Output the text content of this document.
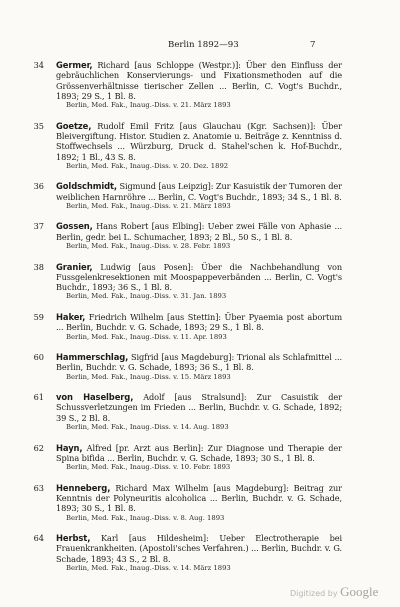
Berlin 1892—93	7
34 Germer, Richard [aus Schloppe (Westpr.)]: Über den Einfluss der gebräuchlichen Konservierungs- und Fixationsmethoden auf die Grössenverhältnisse tierischer Zellen ... Berlin, C. Vogt's Buchdr., 1893; 29 S., 1 Bl. 8.
Berlin, Med. Fak., Inaug.-Diss. v. 21. März 1893
35 Goetze, Rudolf Emil Fritz [aus Glauchau (Kgr. Sachsen)]: Über Bleivergiftung. Histor. Studien z. Anatomie u. Beiträge z. Kenntniss d. Stoffwechsels ... Würzburg, Druck d. Stahel'schen k. Hof-Buchdr., 1892; 1 Bl., 43 S. 8.
Berlin, Med. Fak., Inaug.-Diss. v. 20. Dez. 1892
36 Goldschmidt, Sigmund [aus Leipzig]: Zur Kasuistik der Tumoren der weiblichen Harnröhre ... Berlin, C. Vogt's Buchdr., 1893; 34 S., 1 Bl. 8.
Berlin, Med. Fak., Inaug.-Diss. v. 21. März 1893
37 Gossen, Hans Robert [aus Elbing]: Ueber zwei Fälle von Aphasie ... Berlin, gedr. bei L. Schumacher, 1893; 2 Bl., 50 S., 1 Bl. 8.
Berlin, Med. Fak., Inaug.-Diss. v. 28. Febr. 1893
38 Granier, Ludwig [aus Posen]: Über die Nachbehandlung von Fussgelenkresektionen mit Moospappeverbänden ... Berlin, C. Vogt's Buchdr., 1893; 36 S., 1 Bl. 8.
Berlin, Med. Fak., Inaug.-Diss. v. 31. Jan. 1893
59 Haker, Friedrich Wilhelm [aus Stettin]: Über Pyaemia post abortum ... Berlin, Buchdr. v. G. Schade, 1893; 29 S., 1 Bl. 8.
Berlin, Med. Fak., Inaug.-Diss. v. 11. Apr. 1893
60 Hammerschlag, Sigfrid [aus Magdeburg]: Trional als Schlafmittel ... Berlin, Buchdr. v. G. Schade, 1893; 36 S., 1 Bl. 8.
Berlin, Med. Fak., Inaug.-Diss. v. 15. März 1893
61 von Haselberg, Adolf [aus Stralsund]: Zur Casuistik der Schussverletzungen im Frieden ... Berlin, Buchdr. v. G. Schade, 1892; 39 S., 2 Bl. 8.
Berlin, Med. Fak., Inaug.-Diss. v. 14. Aug. 1893
62 Hayn, Alfred [pr. Arzt aus Berlin]: Zur Diagnose und Therapie der Spina bifida ... Berlin, Buchdr. v. G. Schade, 1893; 30 S., 1 Bl. 8.
Berlin, Med. Fak., Inaug.-Diss. v. 10. Febr. 1893
63 Henneberg, Richard Max Wilhelm [aus Magdeburg]: Beitrag zur Kenntnis der Polyneuritis alcoholica ... Berlin, Buchdr. v. G. Schade, 1893; 30 S., 1 Bl. 8.
Berlin, Med. Fak., Inaug.-Diss. v. 8. Aug. 1893
64 Herbst, Karl [aus Hildesheim]: Ueber Electrotherapie bei Frauenkrankheiten. (Apostoli'sches Verfahren.) ... Berlin, Buchdr. v. G. Schade, 1893; 43 S., 2 Bl. 8.
Berlin, Med. Fak., Inaug.-Diss. v. 14. März 1893
Digitized by Google
